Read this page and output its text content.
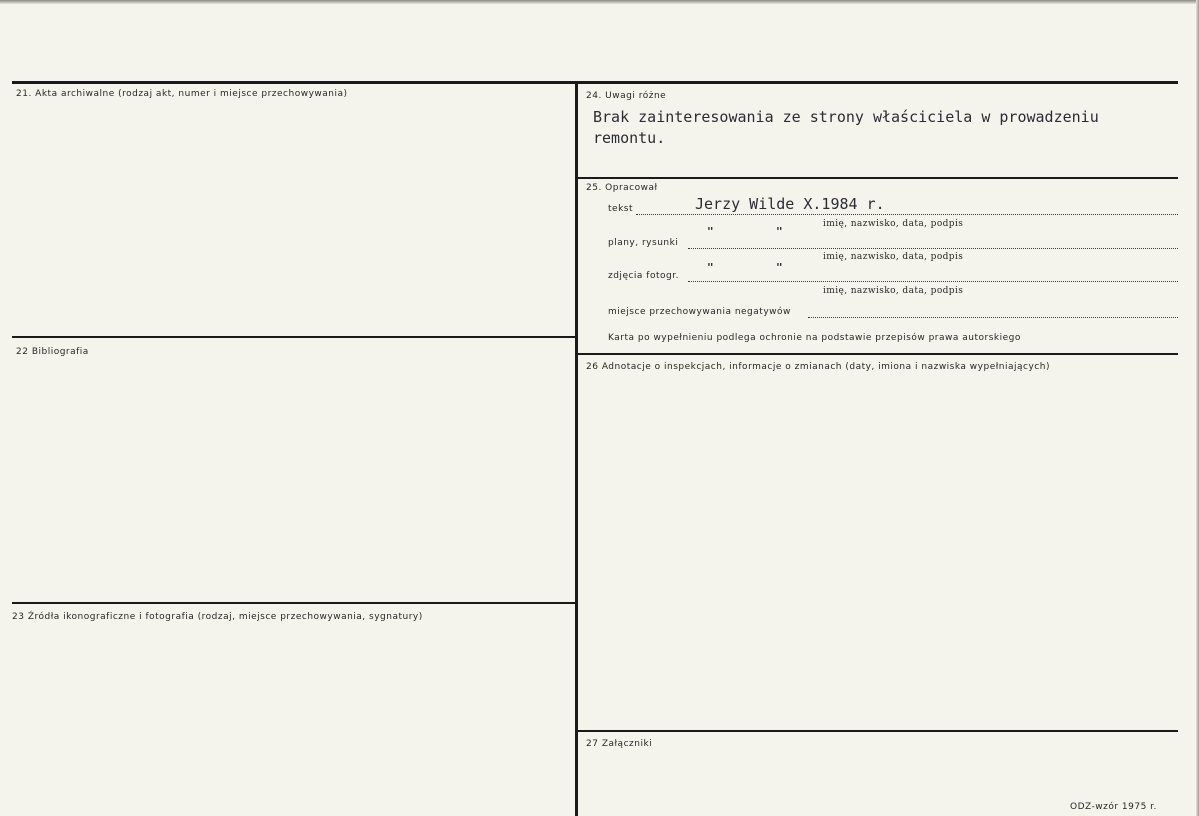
21. Akta archiwalne (rodzaj akt, numer i miejsce przechowywania)
22 Bibliografia
23 Źródła ikonograficzne i fotografia (rodzaj, miejsce przechowywania, sygnatury)
24. Uwagi różne
Brak zainteresowania ze strony właściciela w prowadzeniu
remontu.
25. Opracował
tekst	Jerzy Wilde X.1984 r.
imię, nazwisko, data, podpis
plany, rysunki
"	"
imię, nazwisko, data, podpis
zdjęcia fotogr.
"	"
imię, nazwisko, data, podpis
miejsce przechowywania negatywów
Karta po wypełnieniu podlega ochronie na podstawie przepisów prawa autorskiego
26 Adnotacje o inspekcjach, informacje o zmianach (daty, imiona i nazwiska wypełniających)
27 Załączniki
ODZ-wzór 1975 r.
